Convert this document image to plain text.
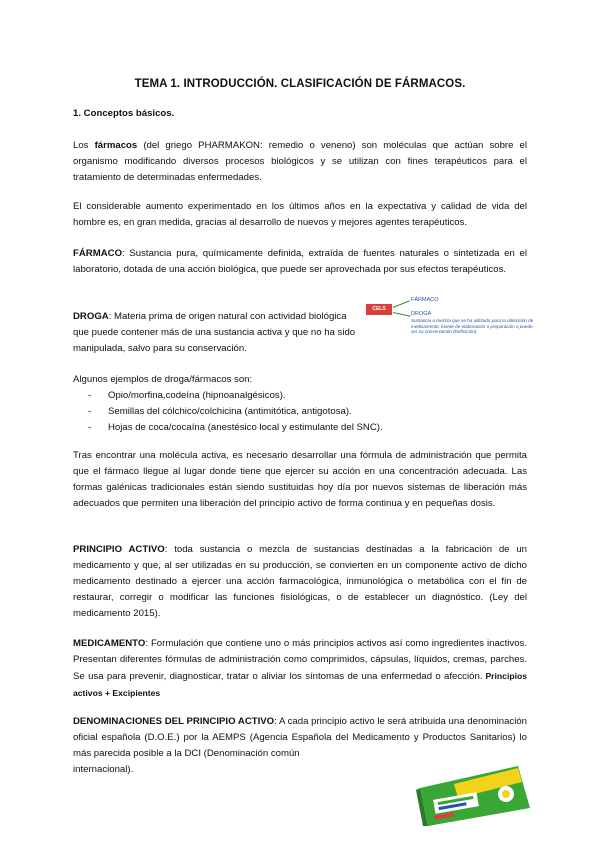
TEMA 1. INTRODUCCIÓN. CLASIFICACIÓN DE FÁRMACOS.
1. Conceptos básicos.
Los fármacos (del griego PHARMAKON: remedio o veneno) son moléculas que actúan sobre el organismo modificando diversos procesos biológicos y se utilizan con fines terapéuticos para el tratamiento de determinadas enfermedades.
El considerable aumento experimentado en los últimos años en la expectativa y calidad de vida del hombre es, en gran medida, gracias al desarrollo de nuevos y mejores agentes terapéuticos.
FÁRMACO: Sustancia pura, químicamente definida, extraída de fuentes naturales o sintetizada en el laboratorio, dotada de una acción biológica, que puede ser aprovechada por sus efectos terapéuticos.
DROGA: Materia prima de origen natural con actividad biológica que puede contener más de una sustancia activa y que no ha sido manipulada, salvo para su conservación.
CELS
FÁRMACO
DROGA
Sustancia o mezcla que se ha utilizado para la obtención de medicamento, fuente de elaboración o preparación o puede ser su conservación (Definición)
Algunos ejemplos de droga/fármacos son:
- Opio/morfina,codeína (hipnoanalgésicos).
- Semillas del cólchico/colchicina (antimitótica, antigotosa).
- Hojas de coca/cocaína (anestésico local y estimulante del SNC).
Tras encontrar una molécula activa, es necesario desarrollar una fórmula de administración que permita que el fármaco llegue al lugar donde tiene que ejercer su acción en una concentración adecuada. Las formas galénicas tradicionales están siendo sustituidas hoy día por nuevos sistemas de liberación más adecuados que permiten una liberación del principio activo de forma continua y en pequeñas dosis.
PRINCIPIO ACTIVO: toda sustancia o mezcla de sustancias destinadas a la fabricación de un medicamento y que, al ser utilizadas en su producción, se convierten en un componente activo de dicho medicamento destinado a ejercer una acción farmacológica, inmunológica o metabólica con el fin de restaurar, corregir o modificar las funciones fisiológicas, o de establecer un diagnóstico. (Ley del medicamento 2015).
MEDICAMENTO: Formulación que contiene uno o más principios activos así como ingredientes inactivos. Presentan diferentes fórmulas de administración como comprimidos, cápsulas, líquidos, cremas, parches. Se usa para prevenir, diagnosticar, tratar o aliviar los síntomas de una enfermedad o afección. Principios activos + Excipientes
DENOMINACIONES DEL PRINCIPIO ACTIVO: A cada principio activo le será atribuida una denominación oficial española (D.O.E.) por la AEMPS (Agencia Española del Medicamento y Productos Sanitarios) lo más parecida posible a la DCI (Denominación común
internacional).
